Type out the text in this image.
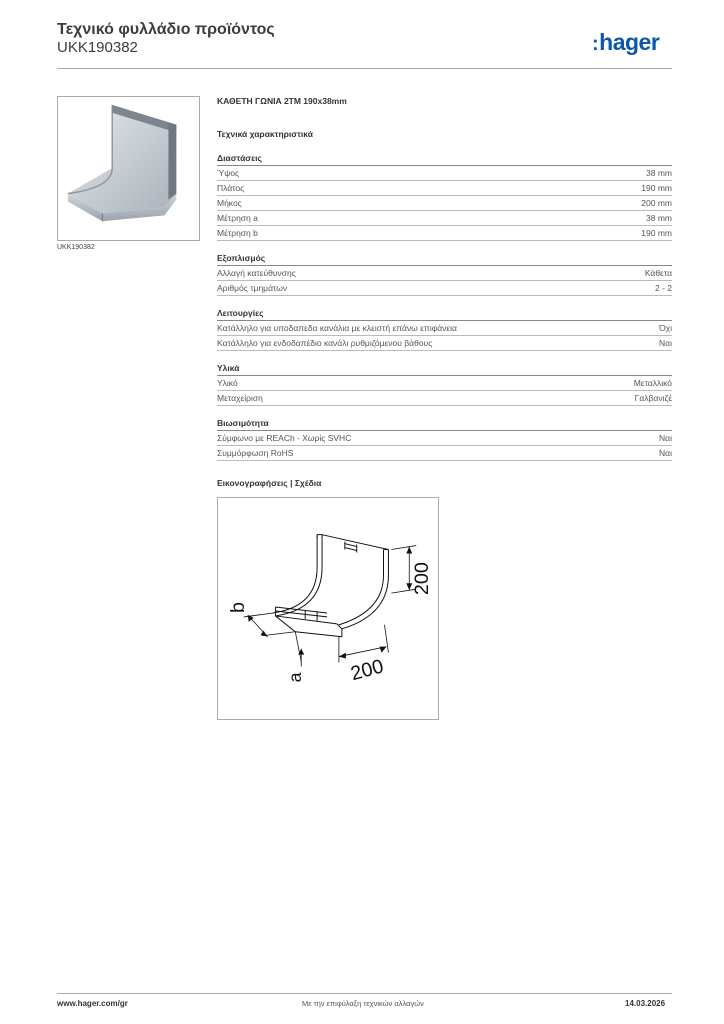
Τεχνικό φυλλάδιο προϊόντος
UKK190382	:hager
UKK190382
ΚΑΘΕΤΗ ΓΩΝΙΑ 2ΤΜ 190x38mm
Τεχνικά χαρακτηριστικά
Διαστάσεις
Ύψος	38 mm
Πλάτος	190 mm
Μήκος	200 mm
Μέτρηση a	38 mm
Μέτρηση b	190 mm
Εξοπλισμός
Αλλαγή κατεύθυνσης	Κάθετα
Αριθμός τμημάτων	2 - 2
Λειτουργίες
Κατάλληλο για υποδαπεδα κανάλια με κλειστή επάνω επιφάνεια	Όχι
Κατάλληλο για ενδοδαπέδιο κανάλι ρυθμιζόμενου βάθους	Ναι
Υλικά
Υλικό	Μεταλλικό
Μεταχείριση	Γαλβανιζέ
Βιωσιμότητα
Σύμφωνο με REACh - Χωρίς SVHC	Ναι
Συμμόρφωση RoHS	Ναι
Εικονογραφήσεις | Σχέδια
200
200
b
a
www.hager.com/gr	Με την επιφύλαξη τεχνικών αλλαγών	14.03.2026
